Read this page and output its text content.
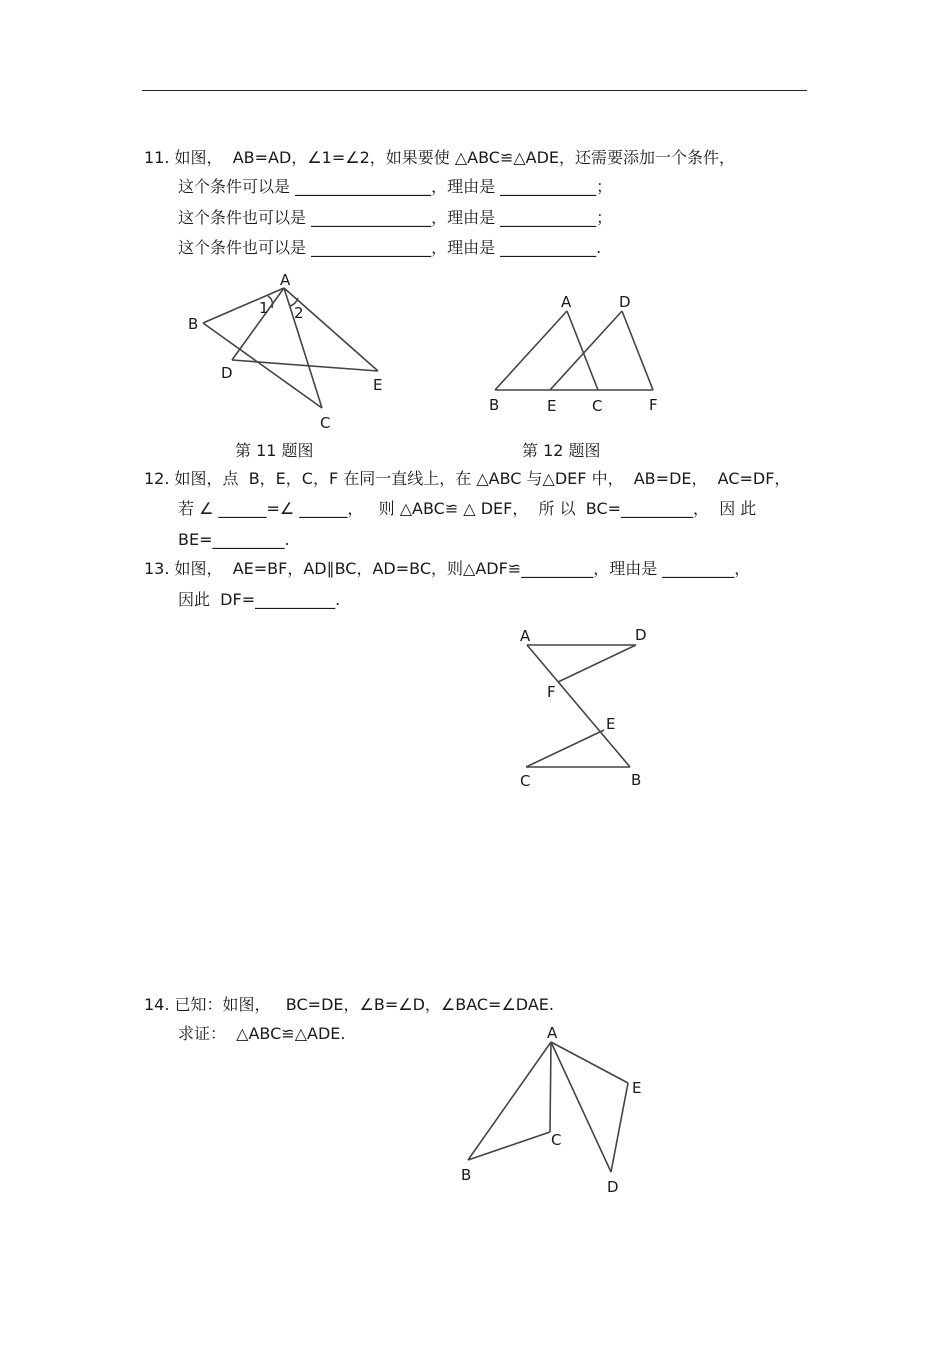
11. 如图，  AB=AD，∠1=∠2，如果要使 △ABC≌△ADE，还需要添加一个条件，
这个条件可以是 _________________，理由是 ____________；
这个条件也可以是 _______________，理由是 ____________；
这个条件也可以是 _______________，理由是 ____________.
A
B
C
D
E
1 2
A	D
B	E C	F
A	D
F
E
C	B
A
E
C
B
D
第 11 题图	第 12 题图
12. 如图，点  B，E，C，F 在同一直线上，在 △ABC 与△DEF 中，  AB=DE，  AC=DF，
若 ∠ ______=∠ ______，   则 △ABC≌ △ DEF，  所 以  BC=_________，  因 此
BE=_________.
13. 如图，  AE=BF，AD∥BC，AD=BC，则△ADF≌_________，理由是 _________，
因此  DF=__________.
14. 已知：如图，   BC=DE，∠B=∠D，∠BAC=∠DAE.
求证：  △ABC≌△ADE.
